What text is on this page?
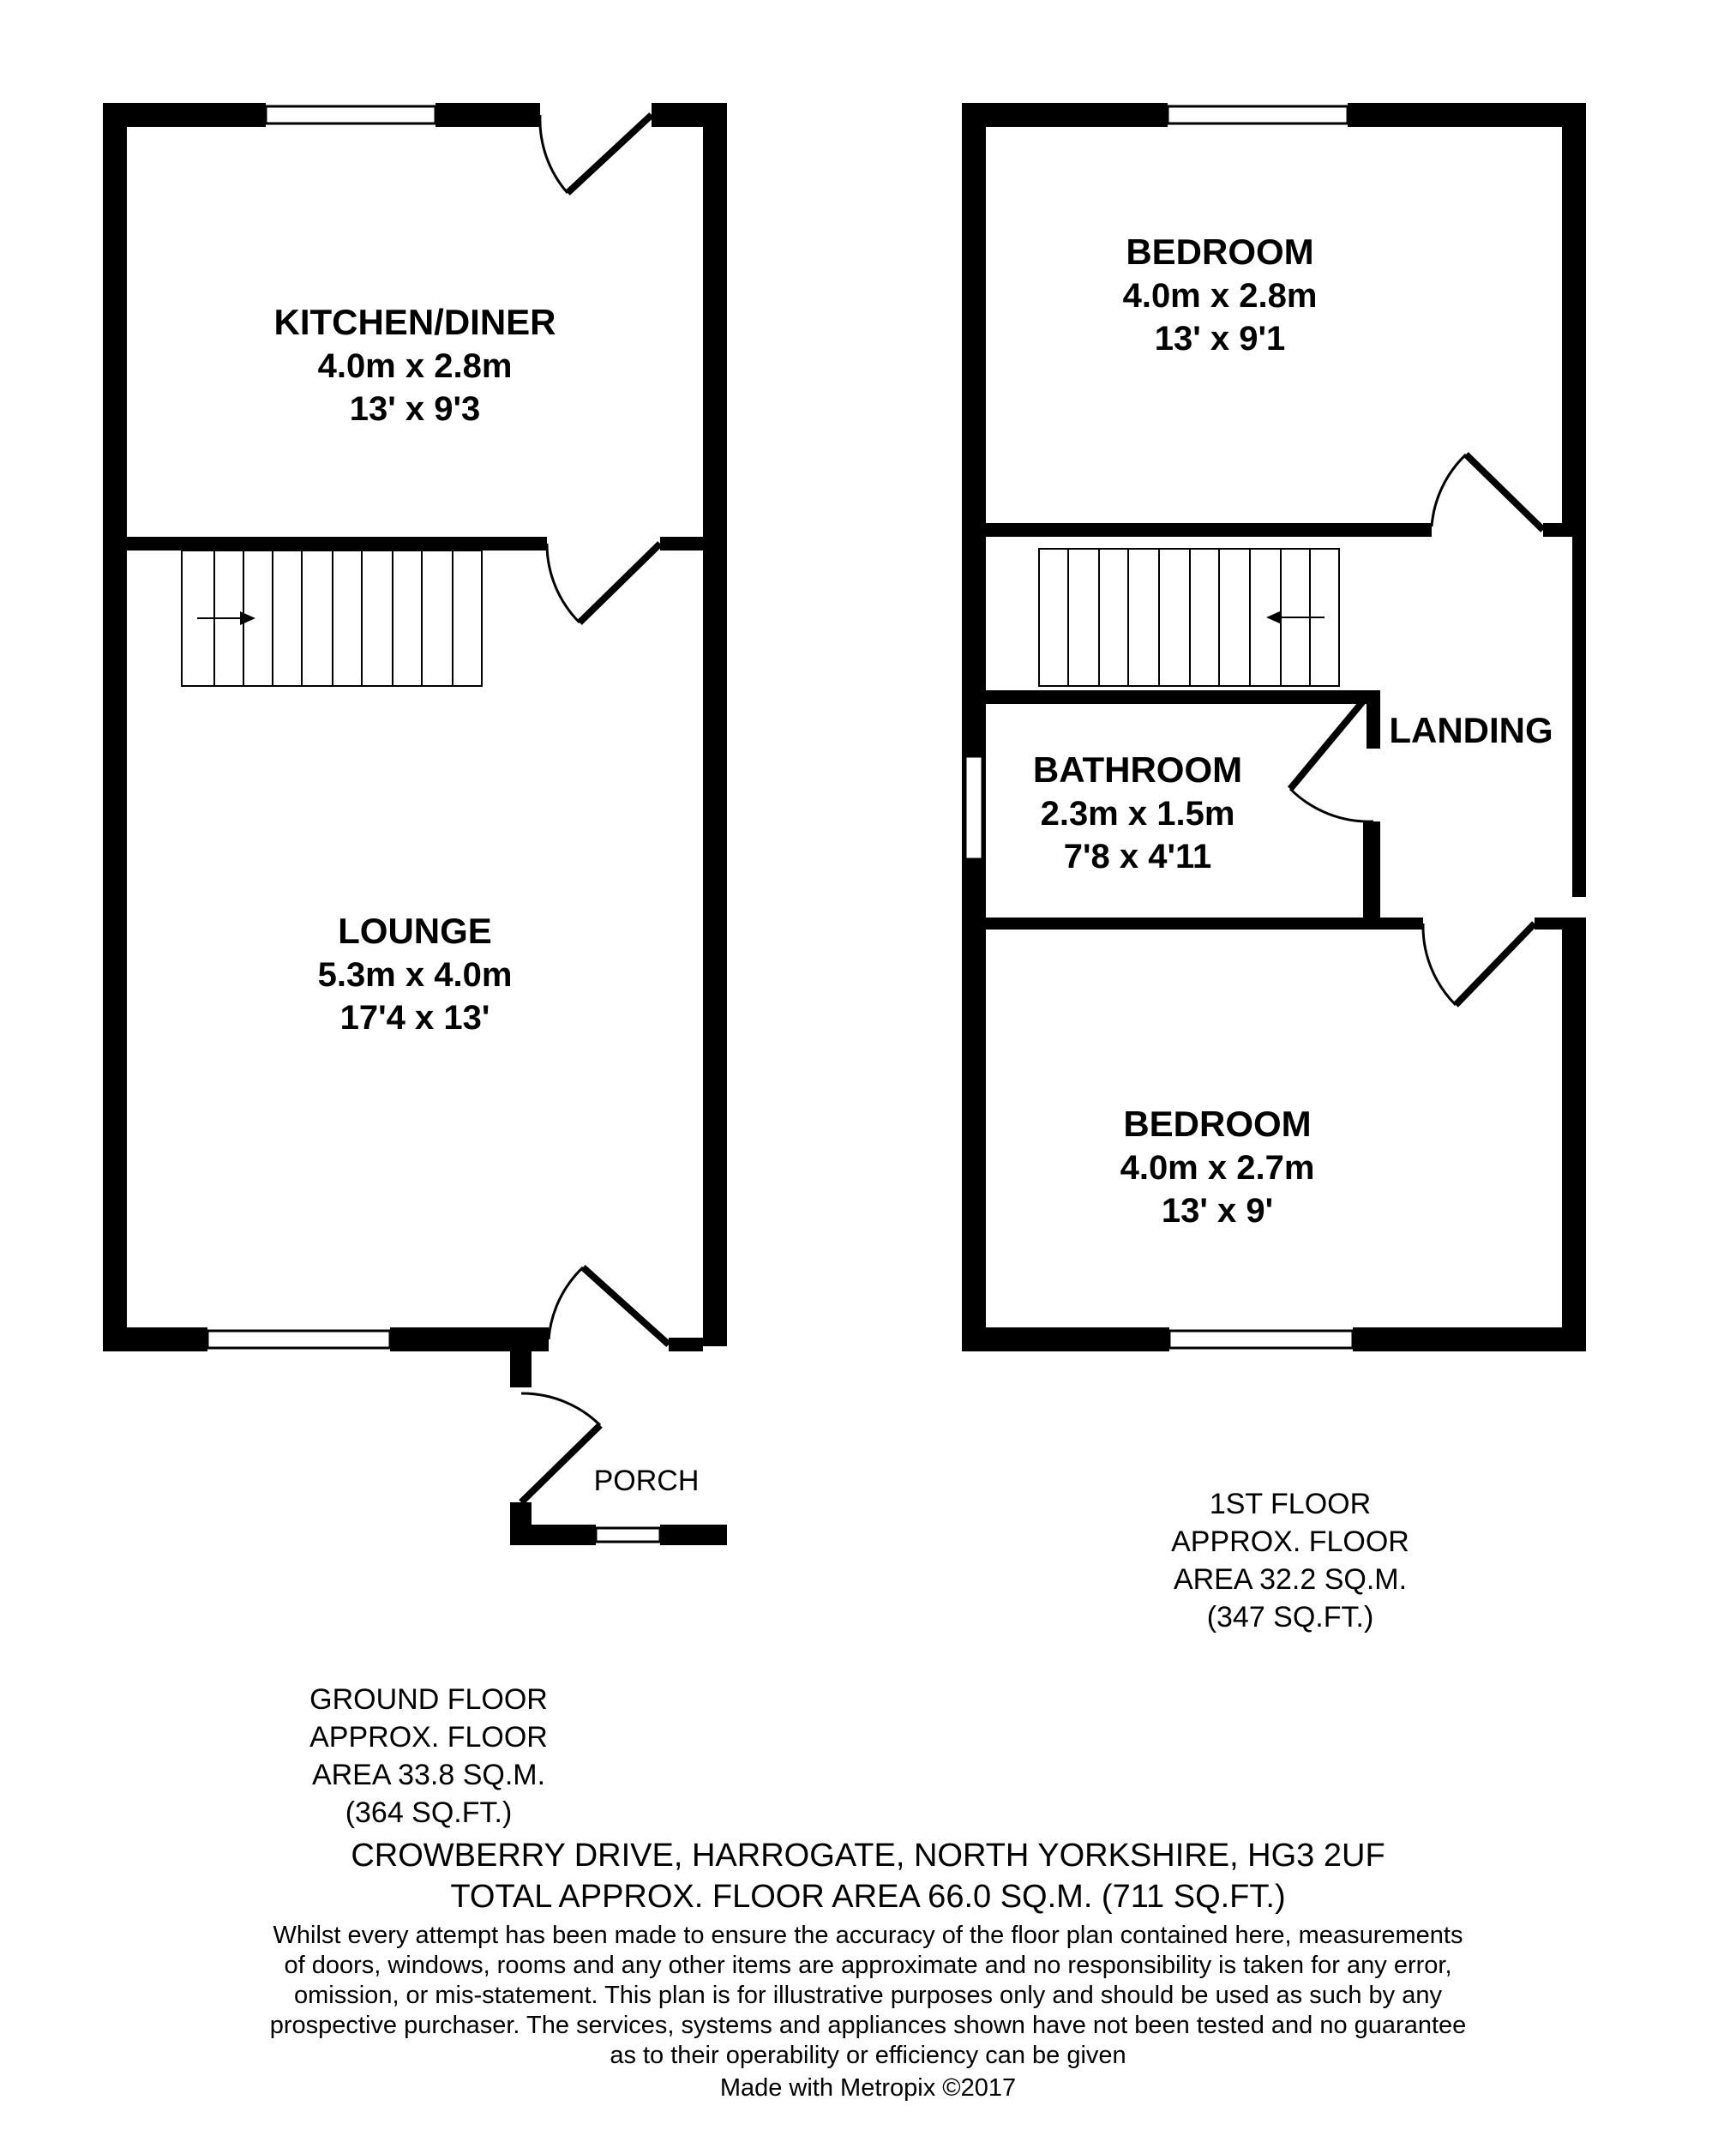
KITCHEN/DINER
4.0m x 2.8m
13' x 9'3
LOUNGE
5.3m x 4.0m
17'4 x 13'
PORCH
BEDROOM
4.0m x 2.8m
13' x 9'1
LANDING
BATHROOM
2.3m x 1.5m
7'8 x 4'11
BEDROOM
4.0m x 2.7m
13' x 9'
1ST FLOOR
APPROX. FLOOR
AREA 32.2 SQ.M.
(347 SQ.FT.)
GROUND FLOOR
APPROX. FLOOR
AREA 33.8 SQ.M.
(364 SQ.FT.)
CROWBERRY DRIVE, HARROGATE, NORTH YORKSHIRE, HG3 2UF
TOTAL APPROX. FLOOR AREA 66.0 SQ.M. (711 SQ.FT.)
Whilst every attempt has been made to ensure the accuracy of the floor plan contained here, measurements
of doors, windows, rooms and any other items are approximate and no responsibility is taken for any error,
omission, or mis-statement. This plan is for illustrative purposes only and should be used as such by any
prospective purchaser. The services, systems and appliances shown have not been tested and no guarantee
as to their operability or efficiency can be given
Made with Metropix ©2017
